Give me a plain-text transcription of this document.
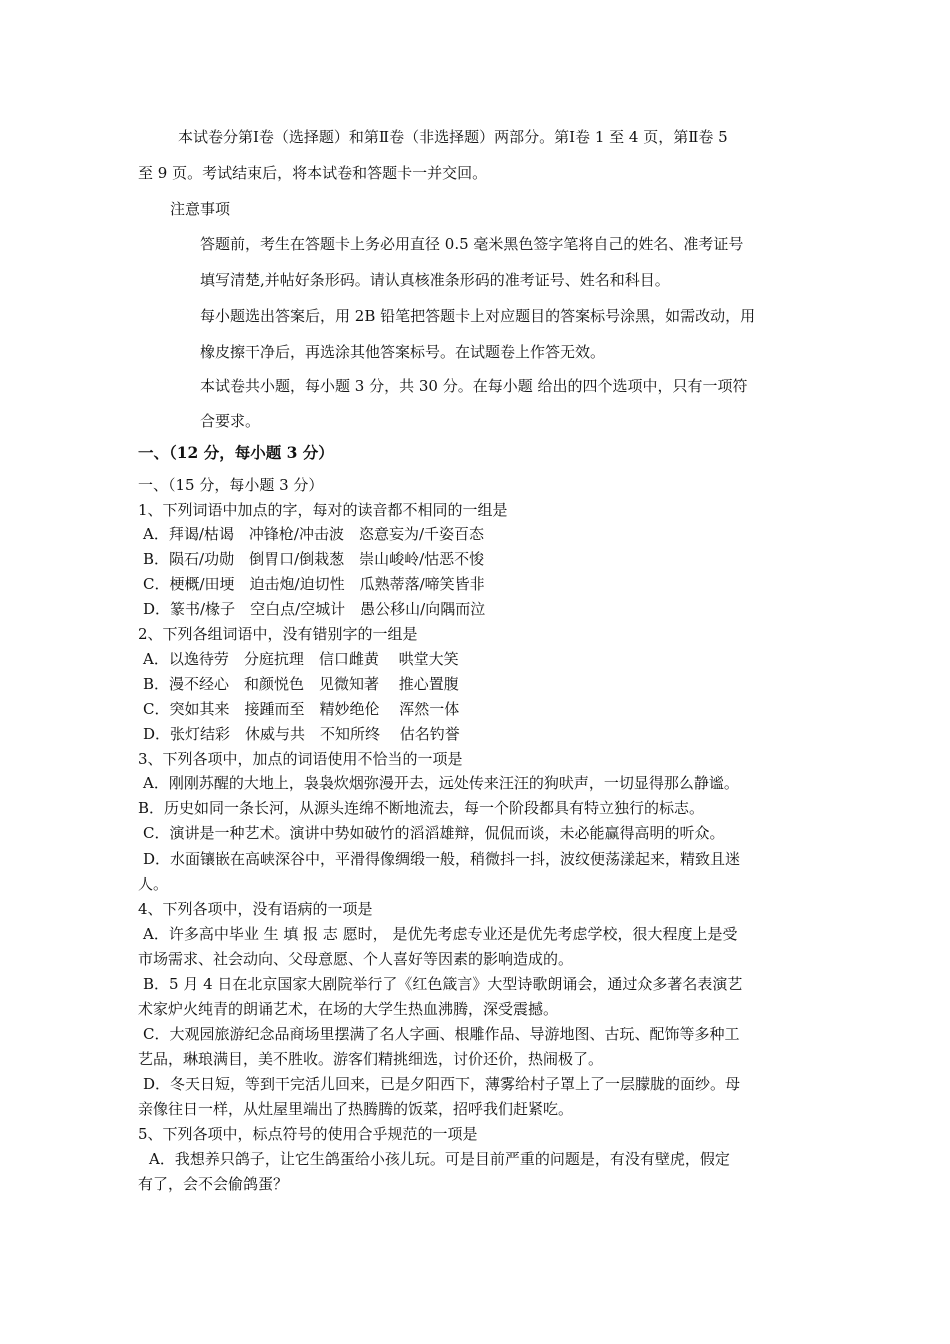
本试卷分第Ⅰ卷（选择题）和第Ⅱ卷（非选择题）两部分。第Ⅰ卷 1 至 4 页，第Ⅱ卷 5
至 9 页。考试结束后，将本试卷和答题卡一并交回。
注意事项
答题前，考生在答题卡上务必用直径 0.5 毫米黑色签字笔将自己的姓名、准考证号
填写清楚,并帖好条形码。请认真核准条形码的准考证号、姓名和科目。
每小题选出答案后，用 2B 铅笔把答题卡上对应题目的答案标号涂黑，如需改动，用
橡皮擦干净后，再选涂其他答案标号。在试题卷上作答无效。
本试卷共小题，每小题 3 分，共 30 分。在每小题 给出的四个选项中，只有一项符
合要求。
一、（12 分，每小题 3 分）
一、（15 分，每小题 3 分）
1、下列词语中加点的字，每对的读音都不相同的一组是
A．拜谒/枯谒　冲锋枪/冲击波　恣意妄为/千姿百态
B．陨石/功勋　倒胃口/倒栽葱　崇山峻岭/怙恶不悛
C．梗概/田埂　迫击炮/迫切性　瓜熟蒂落/啼笑皆非
D．篆书/椽子　空白点/空城计　愚公移山/向隅而泣
2、下列各组词语中，没有错别字的一组是
A．以逸待劳　分庭抗理　信口雌黄　 哄堂大笑
B．漫不经心　和颜悦色　见微知著　 推心置腹
C．突如其来　接踵而至　精妙绝伦　 浑然一体
D．张灯结彩　休威与共　不知所终　 估名钓誉
3、下列各项中，加点的词语使用不恰当的一项是
A．刚刚苏醒的大地上，袅袅炊烟弥漫开去，远处传来汪汪的狗吠声，一切显得那么静谧。
B．历史如同一条长河，从源头连绵不断地流去，每一个阶段都具有特立独行的标志。
C．演讲是一种艺术。演讲中势如破竹的滔滔雄辩，侃侃而谈，未必能赢得高明的听众。
D．水面镶嵌在高峡深谷中，平滑得像绸缎一般，稍微抖一抖，波纹便荡漾起来，精致且迷
人。
4、下列各项中，没有语病的一项是
A．许多高中毕业 生 填 报 志 愿时， 是优先考虑专业还是优先考虑学校，很大程度上是受
市场需求、社会动向、父母意愿、个人喜好等因素的影响造成的。
B．5 月 4 日在北京国家大剧院举行了《红色箴言》大型诗歌朗诵会，通过众多著名表演艺
术家炉火纯青的朗诵艺术，在场的大学生热血沸腾，深受震撼。
C．大观园旅游纪念品商场里摆满了名人字画、根雕作品、导游地图、古玩、配饰等多种工
艺品，琳琅满目，美不胜收。游客们精挑细选，讨价还价，热闹极了。
D．冬天日短，等到干完活儿回来，已是夕阳西下，薄雾给村子罩上了一层朦胧的面纱。母
亲像往日一样，从灶屋里端出了热腾腾的饭菜，招呼我们赶紧吃。
5、下列各项中，标点符号的使用合乎规范的一项是
A．我想养只鸽子，让它生鸽蛋给小孩儿玩。可是目前严重的问题是，有没有壁虎，假定
有了，会不会偷鸽蛋？
